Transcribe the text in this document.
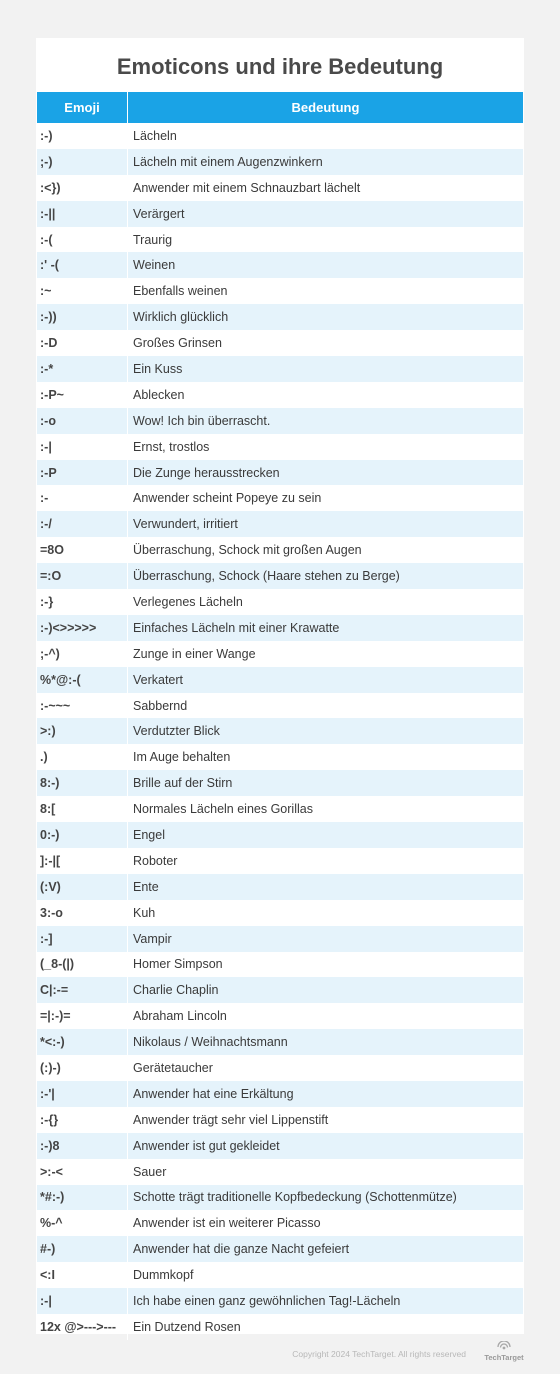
Emoticons und ihre Bedeutung
Emoji	Bedeutung
:-)	Lächeln
;-)	Lächeln mit einem Augenzwinkern
:<})	Anwender mit einem Schnauzbart lächelt
:-||	Verärgert
:-(	Traurig
:' -(	Weinen
:~	Ebenfalls weinen
:-))	Wirklich glücklich
:-D	Großes Grinsen
:-*	Ein Kuss
:-P~	Ablecken
:-o	Wow! Ich bin überrascht.
:-|	Ernst, trostlos
:-P	Die Zunge herausstrecken
:-	Anwender scheint Popeye zu sein
:-/	Verwundert, irritiert
=8O	Überraschung, Schock mit großen Augen
=:O	Überraschung, Schock (Haare stehen zu Berge)
:-}	Verlegenes Lächeln
:-)<>>>>>	Einfaches Lächeln mit einer Krawatte
;-^)	Zunge in einer Wange
%*@:-(	Verkatert
:-~~~	Sabbernd
>:)	Verdutzter Blick
.)	Im Auge behalten
8:-)	Brille auf der Stirn
8:[	Normales Lächeln eines Gorillas
0:-)	Engel
]:-|[	Roboter
(:V)	Ente
3:-o	Kuh
:-]	Vampir
(_8-(|)	Homer Simpson
C|:-=	Charlie Chaplin
=|:-)=	Abraham Lincoln
*<:-)	Nikolaus / Weihnachtsmann
(:)-)	Gerätetaucher
:-'|	Anwender hat eine Erkältung
:-{}	Anwender trägt sehr viel Lippenstift
:-)8	Anwender ist gut gekleidet
>:-<	Sauer
*#:-)	Schotte trägt traditionelle Kopfbedeckung (Schottenmütze)
%-^	Anwender ist ein weiterer Picasso
#-)	Anwender hat die ganze Nacht gefeiert
<:I	Dummkopf
:-|	Ich habe einen ganz gewöhnlichen Tag!-Lächeln
12x @>--->---	Ein Dutzend Rosen
Copyright 2024 TechTarget. All rights reserved	TechTarget
